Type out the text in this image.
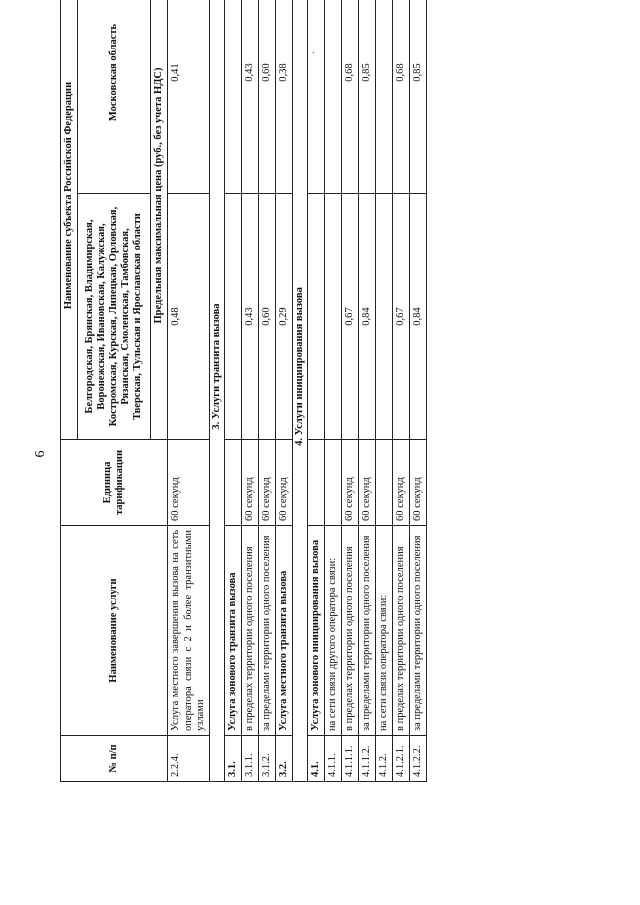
6
№ п/п	Наименование услуги	Единица тарификации	Наименование субъекта Российской Федерации	
			Белгородская, Брянская, Владимирская, Воронежская, Ивановская, Калужская, Костромская, Курская, Липецкая, Орловская, Рязанская, Смоленская, Тамбовская, Тверская, Тульская и Ярославская области	Московская область
			Предельная максимальная цена (руб., без учета НДС)	
2.2.4.	Услуга местного завершения вызова на сеть оператора связи с 2 и более транзитными узлами	60 секунд	0,48	0,41
3. Услуги транзита вызова				
3.1.	Услуга зонового транзита вызова			
3.1.1.	в пределах территории одного поселения	60 секунд	0,43	0,43
3.1.2.	за пределами территории одного поселения	60 секунд	0,60	0,60
3.2.	Услуга местного транзита вызова	60 секунд	0,29	0,38
4. Услуги инициирования вызова				
4.1.	Услуга зонового инициирования вызова			
4.1.1.	на сети связи другого оператора связи:			
4.1.1.1.	в пределах территории одного поселения	60 секунд	0,67	0,68
4.1.1.2.	за пределами территории одного поселения	60 секунд	0,84	0,85
4.1.2.	на сети связи оператора связи:			
4.1.2.1.	в пределах территории одного поселения	60 секунд	0,67	0,68
4.1.2.2.	за пределами территории одного поселения	60 секунд	0,84	0,85
.
